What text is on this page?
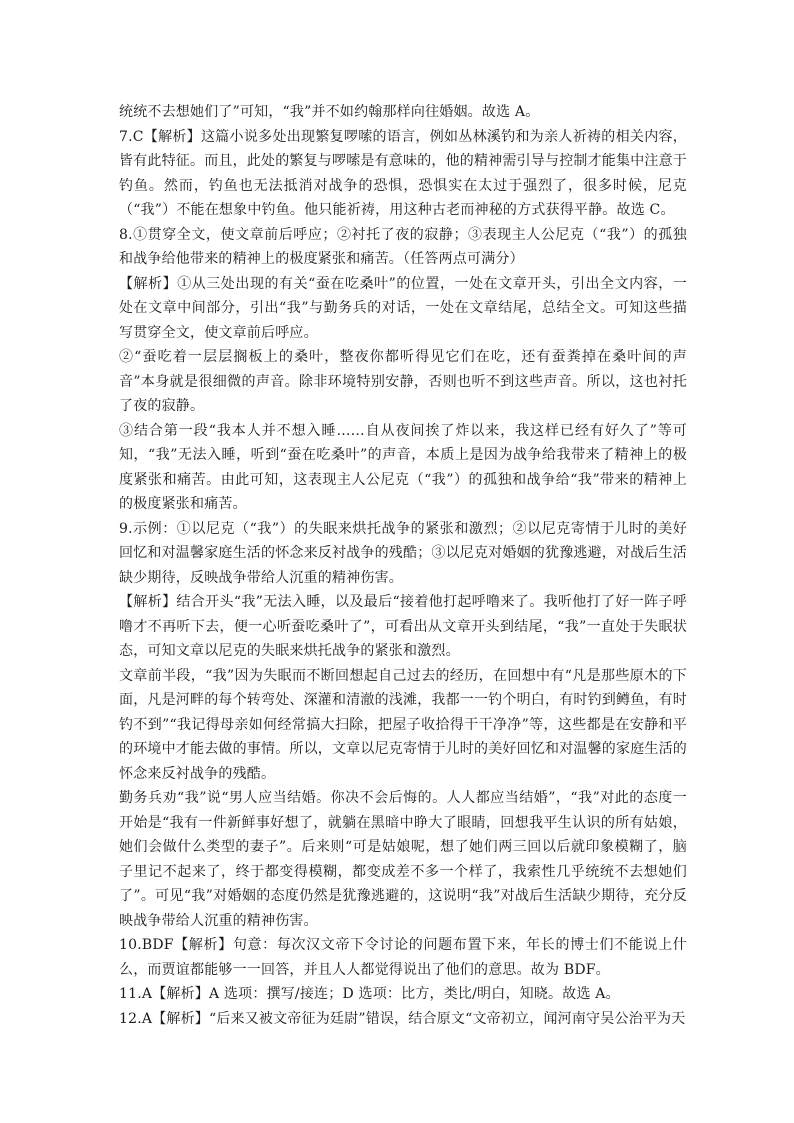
统统不去想她们了”可知，“我”并不如约翰那样向往婚姻。故选 A。

7.C【解析】这篇小说多处出现繁复啰嗦的语言，例如丛林溪钓和为亲人祈祷的相关内容，皆有此特征。而且，此处的繁复与啰嗦是有意味的，他的精神需引导与控制才能集中注意于钓鱼。然而，钓鱼也无法抵消对战争的恐惧，恐惧实在太过于强烈了，很多时候，尼克（“我”）不能在想象中钓鱼。他只能祈祷，用这种古老而神秘的方式获得平静。故选 C。

8.①贯穿全文，使文章前后呼应；②衬托了夜的寂静；③表现主人公尼克（“我”）的孤独和战争给他带来的精神上的极度紧张和痛苦。（任答两点可满分）

【解析】①从三处出现的有关“蚕在吃桑叶”的位置，一处在文章开头，引出全文内容，一处在文章中间部分，引出“我”与勤务兵的对话，一处在文章结尾，总结全文。可知这些描写贯穿全文，使文章前后呼应。

②“蚕吃着一层层搁板上的桑叶，整夜你都听得见它们在吃，还有蚕粪掉在桑叶间的声音”本身就是很细微的声音。除非环境特别安静，否则也听不到这些声音。所以，这也衬托了夜的寂静。

③结合第一段“我本人并不想入睡……自从夜间挨了炸以来，我这样已经有好久了”等可知，“我”无法入睡，听到“蚕在吃桑叶”的声音，本质上是因为战争给我带来了精神上的极度紧张和痛苦。由此可知，这表现主人公尼克（“我”）的孤独和战争给“我”带来的精神上的极度紧张和痛苦。

9.示例：①以尼克（“我”）的失眠来烘托战争的紧张和激烈；②以尼克寄情于儿时的美好回忆和对温馨家庭生活的怀念来反衬战争的残酷；③以尼克对婚姻的犹豫逃避，对战后生活缺少期待，反映战争带给人沉重的精神伤害。

【解析】结合开头“我”无法入睡，以及最后“接着他打起呼噜来了。我听他打了好一阵子呼噜才不再听下去，便一心听蚕吃桑叶了”，可看出从文章开头到结尾，“我”一直处于失眠状态，可知文章以尼克的失眠来烘托战争的紧张和激烈。

文章前半段，“我”因为失眠而不断回想起自己过去的经历，在回想中有“凡是那些原木的下面，凡是河畔的每个转弯处、深灌和清澈的浅滩，我都一一钓个明白，有时钓到鳟鱼，有时钓不到”“我记得母亲如何经常搞大扫除，把屋子收拾得干干净净”等，这些都是在安静和平的环境中才能去做的事情。所以，文章以尼克寄情于儿时的美好回忆和对温馨的家庭生活的怀念来反衬战争的残酷。

勤务兵劝“我”说“男人应当结婚。你决不会后悔的。人人都应当结婚”，“我”对此的态度一开始是“我有一件新鲜事好想了，就躺在黑暗中睁大了眼睛，回想我平生认识的所有姑娘，她们会做什么类型的妻子”。后来则“可是姑娘呢，想了她们两三回以后就印象模糊了，脑子里记不起来了，终于都变得模糊，都变成差不多一个样了，我索性几乎统统不去想她们了”。可见“我”对婚姻的态度仍然是犹豫逃避的，这说明“我”对战后生活缺少期待，充分反映战争带给人沉重的精神伤害。

10.BDF【解析】句意：每次汉文帝下令讨论的问题布置下来，年长的博士们不能说上什么，而贾谊都能够一一回答，并且人人都觉得说出了他们的意思。故为 BDF。

11.A【解析】A 选项：撰写/接连；D 选项：比方，类比/明白，知晓。故选 A。

12.A【解析】“后来又被文帝征为廷尉”错误，结合原文“文帝初立，闻河南守吴公治平为天
